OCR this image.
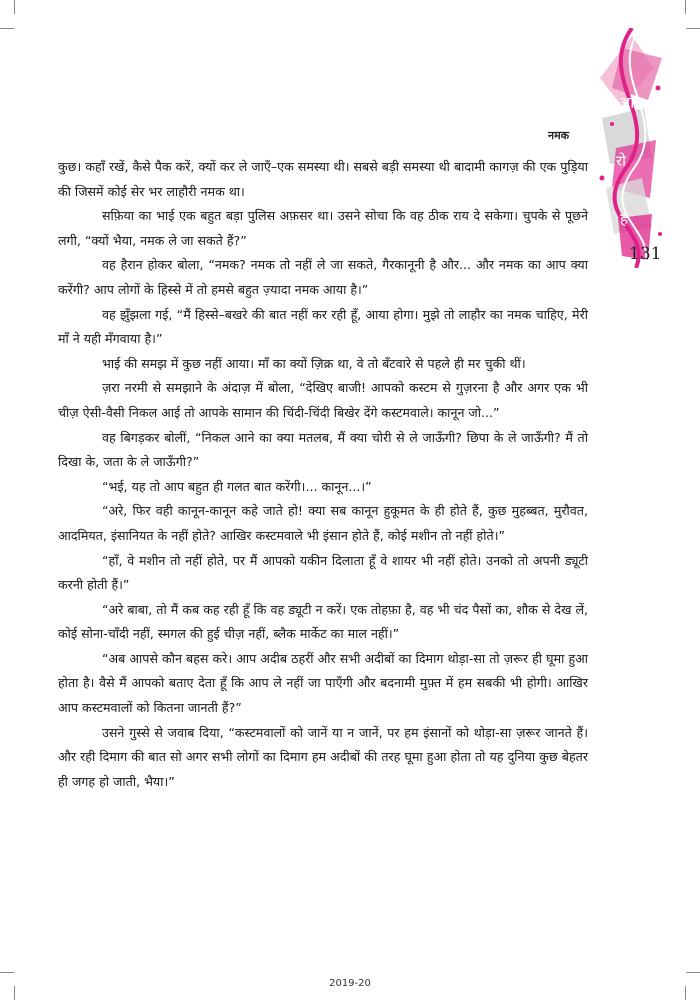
आ
रो
ह
131
नमक

कुछ। कहाँ रखें, कैसे पैक करें, क्यों कर ले जाएँ–एक समस्या थी। सबसे बड़ी समस्या थी बादामी कागज़ की एक पुड़िया की जिसमें कोई सेर भर लाहौरी नमक था।

सफ़िया का भाई एक बहुत बड़ा पुलिस अफ़सर था। उसने सोचा कि वह ठीक राय दे सकेगा। चुपके से पूछने लगी, “क्यों भैया, नमक ले जा सकते हैं?”

वह हैरान होकर बोला, “नमक? नमक तो नहीं ले जा सकते, गैरकानूनी है और... और नमक का आप क्या करेंगी? आप लोगों के हिस्से में तो हमसे बहुत ज़्यादा नमक आया है।”

वह झुँझला गई, “मैं हिस्से–बखरे की बात नहीं कर रही हूँ, आया होगा। मुझे तो लाहौर का नमक चाहिए, मेरी माँ ने यही मँगवाया है।”

भाई की समझ में कुछ नहीं आया। माँ का क्यों ज़िक्र था, वे तो बँटवारे से पहले ही मर चुकी थीं।

ज़रा नरमी से समझाने के अंदाज़ में बोला, “देखिए बाजी! आपको कस्टम से गुज़रना है और अगर एक भी चीज़ ऐसी-वैसी निकल आई तो आपके सामान की चिंदी-चिंदी बिखेर देंगे कस्टमवाले। कानून जो...”

वह बिगड़कर बोलीं, “निकल आने का क्या मतलब, मैं क्या चोरी से ले जाऊँगी? छिपा के ले जाऊँगी? मैं तो दिखा के, जता के ले जाऊँगी?”

“भई, यह तो आप बहुत ही गलत बात करेंगी।... कानून...।”

“अरे, फिर वही कानून-कानून कहे जाते हो! क्या सब कानून हुकूमत के ही होते हैं, कुछ मुहब्बत, मुरौवत, आदमियत, इंसानियत के नहीं होते? आखिर कस्टमवाले भी इंसान होते हैं, कोई मशीन तो नहीं होते।”

“हाँ, वे मशीन तो नहीं होते, पर मैं आपको यकीन दिलाता हूँ वे शायर भी नहीं होते। उनको तो अपनी ड्यूटी करनी होती हैं।”

“अरे बाबा, तो मैं कब कह रही हूँ कि वह ड्यूटी न करें। एक तोहफ़ा है, वह भी चंद पैसों का, शौक से देख लें, कोई सोना-चाँदी नहीं, स्मगल की हुई चीज़ नहीं, ब्लैक मार्केट का माल नहीं।”

“अब आपसे कौन बहस करे। आप अदीब ठहरीं और सभी अदीबों का दिमाग थोड़ा-सा तो ज़रूर ही घूमा हुआ होता है। वैसे मैं आपको बताए देता हूँ कि आप ले नहीं जा पाएँगी और बदनामी मुफ़्त में हम सबकी भी होगी। आखिर आप कस्टमवालों को कितना जानती हैं?”

उसने गुस्से से जवाब दिया, “कस्टमवालों को जानें या न जानें, पर हम इंसानों को थोड़ा-सा ज़रूर जानते हैं। और रही दिमाग की बात सो अगर सभी लोगों का दिमाग हम अदीबों की तरह घूमा हुआ होता तो यह दुनिया कुछ बेहतर ही जगह हो जाती, भैया।”

2019-20
